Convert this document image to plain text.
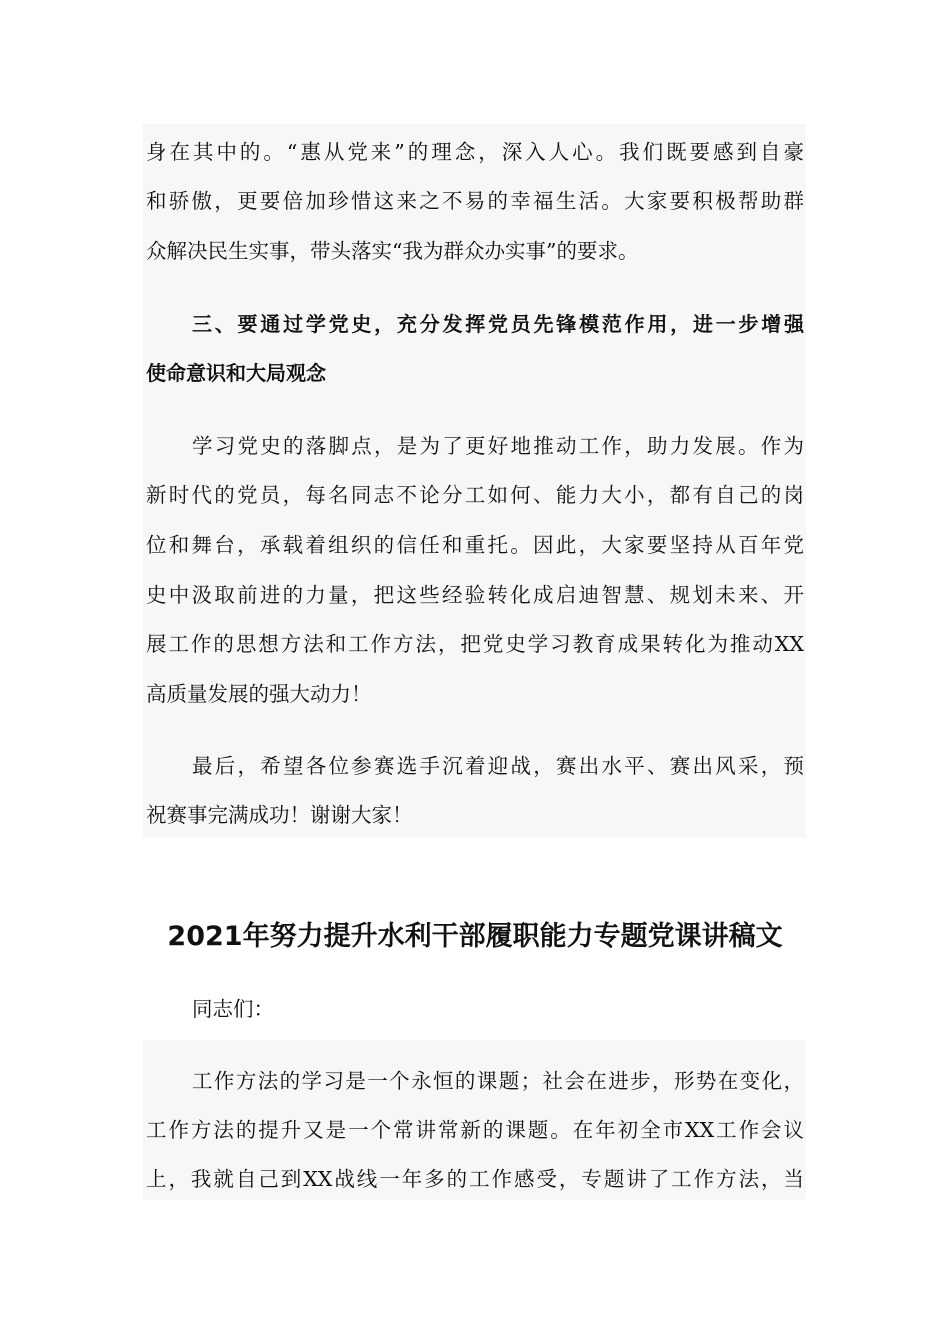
身在其中的。“惠从党来”的理念，深入人心。我们既要感到自豪
和骄傲，更要倍加珍惜这来之不易的幸福生活。大家要积极帮助群
众解决民生实事，带头落实“我为群众办实事”的要求。
三、要通过学党史，充分发挥党员先锋模范作用，进一步增强
使命意识和大局观念
学习党史的落脚点，是为了更好地推动工作，助力发展。作为
新时代的党员，每名同志不论分工如何、能力大小，都有自己的岗
位和舞台，承载着组织的信任和重托。因此，大家要坚持从百年党
史中汲取前进的力量，把这些经验转化成启迪智慧、规划未来、开
展工作的思想方法和工作方法，把党史学习教育成果转化为推动XX
高质量发展的强大动力！
最后，希望各位参赛选手沉着迎战，赛出水平、赛出风采，预
祝赛事完满成功！谢谢大家！
2021年努力提升水利干部履职能力专题党课讲稿文
同志们：
工作方法的学习是一个永恒的课题；社会在进步，形势在变化，
工作方法的提升又是一个常讲常新的课题。在年初全市XX工作会议
上，我就自己到XX战线一年多的工作感受，专题讲了工作方法，当
